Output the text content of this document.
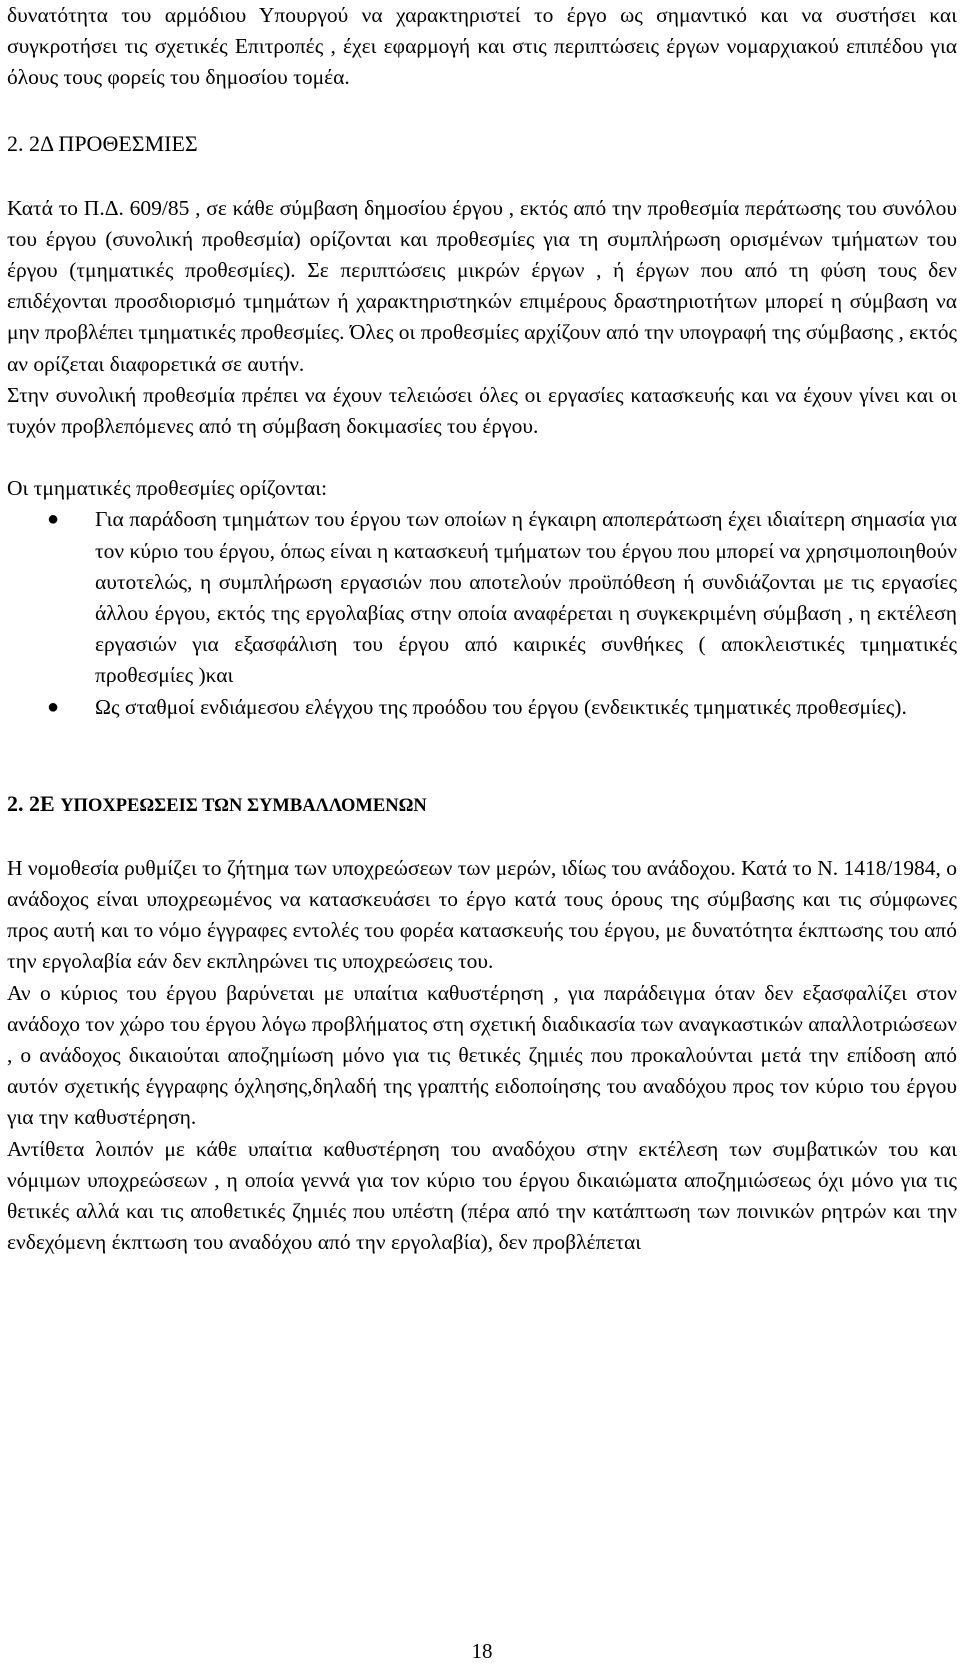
δυνατότητα του αρμόδιου Υπουργού να χαρακτηριστεί το έργο ως σημαντικό και να συστήσει και συγκροτήσει τις σχετικές Επιτροπές , έχει εφαρμογή και στις περιπτώσεις έργων νομαρχιακού επιπέδου για όλους τους φορείς του δημοσίου τομέα.

2. 2Δ ΠΡΟΘΕΣΜΙΕΣ

Κατά το Π.Δ. 609/85 , σε κάθε σύμβαση δημοσίου έργου , εκτός από την προθεσμία περάτωσης του συνόλου του έργου (συνολική προθεσμία) ορίζονται και προθεσμίες για τη συμπλήρωση ορισμένων τμήματων του έργου (τμηματικές προθεσμίες). Σε περιπτώσεις μικρών έργων , ή έργων που από τη φύση τους δεν επιδέχονται προσδιορισμό τμημάτων ή χαρακτηριστηκών επιμέρους δραστηριοτήτων μπορεί η σύμβαση να μην προβλέπει τμηματικές προθεσμίες. Όλες οι προθεσμίες αρχίζουν από την υπογραφή της σύμβασης , εκτός αν ορίζεται διαφορετικά σε αυτήν.

Στην συνολική προθεσμία πρέπει να έχουν τελειώσει όλες οι εργασίες κατασκευής και να έχουν γίνει και οι τυχόν προβλεπόμενες από τη σύμβαση δοκιμασίες του έργου.

Οι τμηματικές προθεσμίες ορίζονται:

● Για παράδοση τμημάτων του έργου των οποίων η έγκαιρη αποπεράτωση έχει ιδιαίτερη σημασία για τον κύριο του έργου, όπως είναι η κατασκευή τμήματων του έργου που μπορεί να χρησιμοποιηθούν αυτοτελώς, η συμπλήρωση εργασιών που αποτελούν προϋπόθεση ή συνδιάζονται με τις εργασίες άλλου έργου, εκτός της εργολαβίας στην οποία αναφέρεται η συγκεκριμένη σύμβαση , η εκτέλεση εργασιών για εξασφάλιση του έργου από καιρικές συνθήκες ( αποκλειστικές τμηματικές προθεσμίες )και
● Ως σταθμοί ενδιάμεσου ελέγχου της προόδου του έργου (ενδεικτικές τμηματικές προθεσμίες).

2. 2Ε ΥΠΟΧΡΕΩΣΕΙΣ ΤΩΝ ΣΥΜΒΑΛΛΟΜΕΝΩΝ

Η νομοθεσία ρυθμίζει το ζήτημα των υποχρεώσεων των μερών, ιδίως του ανάδοχου. Κατά το Ν. 1418/1984, ο ανάδοχος είναι υποχρεωμένος να κατασκευάσει το έργο κατά τους όρους της σύμβασης και τις σύμφωνες προς αυτή και το νόμο έγγραφες εντολές του φορέα κατασκευής του έργου, με δυνατότητα έκπτωσης του από την εργολαβία εάν δεν εκπληρώνει τις υποχρεώσεις του.

Αν ο κύριος του έργου βαρύνεται με υπαίτια καθυστέρηση , για παράδειγμα όταν δεν εξασφαλίζει στον ανάδοχο τον χώρο του έργου λόγω προβλήματος στη σχετική διαδικασία των αναγκαστικών απαλλοτριώσεων , ο ανάδοχος δικαιούται αποζημίωση μόνο για τις θετικές ζημιές που προκαλούνται μετά την επίδοση από αυτόν σχετικής έγγραφης όχλησης,δηλαδή της γραπτής ειδοποίησης του αναδόχου προς τον κύριο του έργου για την καθυστέρηση.

Αντίθετα λοιπόν με κάθε υπαίτια καθυστέρηση του αναδόχου στην εκτέλεση των συμβατικών του και νόμιμων υποχρεώσεων , η οποία γεννά για τον κύριο του έργου δικαιώματα αποζημιώσεως όχι μόνο για τις θετικές αλλά και τις αποθετικές ζημιές που υπέστη (πέρα από την κατάπτωση των ποινικών ρητρών και την ενδεχόμενη έκπτωση του αναδόχου από την εργολαβία), δεν προβλέπεται

18
